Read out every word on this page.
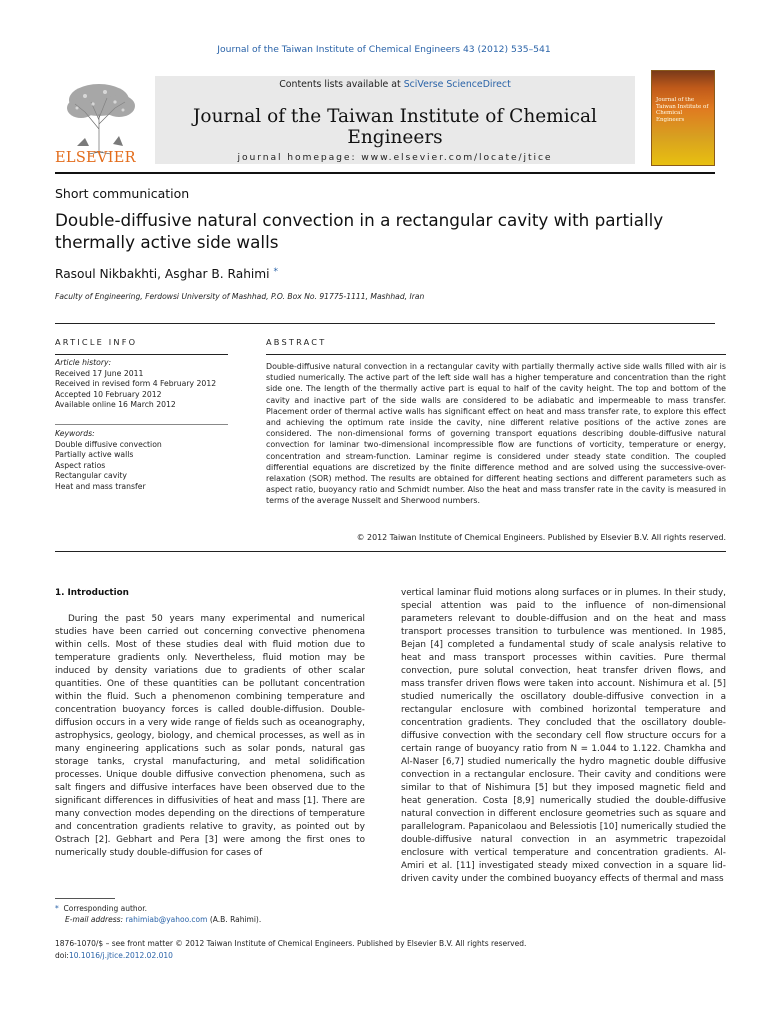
Journal of the Taiwan Institute of Chemical Engineers 43 (2012) 535–541
ELSEVIER
Contents lists available at SciVerse ScienceDirect
Journal of the Taiwan Institute of Chemical Engineers
journal homepage: www.elsevier.com/locate/jtice
Journal of the Taiwan Institute of Chemical Engineers
Short communication
Double-diffusive natural convection in a rectangular cavity with partially thermally active side walls
Rasoul Nikbakhti, Asghar B. Rahimi *
Faculty of Engineering, Ferdowsi University of Mashhad, P.O. Box No. 91775-1111, Mashhad, Iran
ARTICLE INFO
Article history:
Received 17 June 2011
Received in revised form 4 February 2012
Accepted 10 February 2012
Available online 16 March 2012
Keywords:
Double diffusive convection
Partially active walls
Aspect ratios
Rectangular cavity
Heat and mass transfer
ABSTRACT
Double-diffusive natural convection in a rectangular cavity with partially thermally active side walls filled with air is studied numerically. The active part of the left side wall has a higher temperature and concentration than the right side one. The length of the thermally active part is equal to half of the cavity height. The top and bottom of the cavity and inactive part of the side walls are considered to be adiabatic and impermeable to mass transfer. Placement order of thermal active walls has significant effect on heat and mass transfer rate, to explore this effect and achieving the optimum rate inside the cavity, nine different relative positions of the active zones are considered. The non-dimensional forms of governing transport equations describing double-diffusive natural convection for laminar two-dimensional incompressible flow are functions of vorticity, temperature or energy, concentration and stream-function. Laminar regime is considered under steady state condition. The coupled differential equations are discretized by the finite difference method and are solved using the successive-over-relaxation (SOR) method. The results are obtained for different heating sections and different parameters such as aspect ratio, buoyancy ratio and Schmidt number. Also the heat and mass transfer rate in the cavity is measured in terms of the average Nusselt and Sherwood numbers.
© 2012 Taiwan Institute of Chemical Engineers. Published by Elsevier B.V. All rights reserved.
1. Introduction

During the past 50 years many experimental and numerical studies have been carried out concerning convective phenomena within cells. Most of these studies deal with fluid motion due to temperature gradients only. Nevertheless, fluid motion may be induced by density variations due to gradients of other scalar quantities. One of these quantities can be pollutant concentration within the fluid. Such a phenomenon combining temperature and concentration buoyancy forces is called double-diffusion. Double-diffusion occurs in a very wide range of fields such as oceanography, astrophysics, geology, biology, and chemical processes, as well as in many engineering applications such as solar ponds, natural gas storage tanks, crystal manufacturing, and metal solidification processes. Unique double diffusive convection phenomena, such as salt fingers and diffusive interfaces have been observed due to the significant differences in diffusivities of heat and mass [1]. There are many convection modes depending on the directions of temperature and concentration gradients relative to gravity, as pointed out by Ostrach [2]. Gebhart and Pera [3] were among the first ones to numerically study double-diffusion for cases of

vertical laminar fluid motions along surfaces or in plumes. In their study, special attention was paid to the influence of non-dimensional parameters relevant to double-diffusion and on the heat and mass transport processes transition to turbulence was mentioned. In 1985, Bejan [4] completed a fundamental study of scale analysis relative to heat and mass transport processes within cavities. Pure thermal convection, pure solutal convection, heat transfer driven flows, and mass transfer driven flows were taken into account. Nishimura et al. [5] studied numerically the oscillatory double-diffusive convection in a rectangular enclosure with combined horizontal temperature and concentration gradients. They concluded that the oscillatory double-diffusive convection with the secondary cell flow structure occurs for a certain range of buoyancy ratio from N = 1.044 to 1.122. Chamkha and Al-Naser [6,7] studied numerically the hydro magnetic double diffusive convection in a rectangular enclosure. Their cavity and conditions were similar to that of Nishimura [5] but they imposed magnetic field and heat generation. Costa [8,9] numerically studied the double-diffusive natural convection in different enclosure geometries such as square and parallelogram. Papanicolaou and Belessiotis [10] numerically studied the double-diffusive natural convection in an asymmetric trapezoidal enclosure with vertical temperature and concentration gradients. Al-Amiri et al. [11] investigated steady mixed convection in a square lid-driven cavity under the combined buoyancy effects of thermal and mass

* Corresponding author.
E-mail address: rahimiab@yahoo.com (A.B. Rahimi).
1876-1070/$ – see front matter © 2012 Taiwan Institute of Chemical Engineers. Published by Elsevier B.V. All rights reserved.
doi:10.1016/j.jtice.2012.02.010
